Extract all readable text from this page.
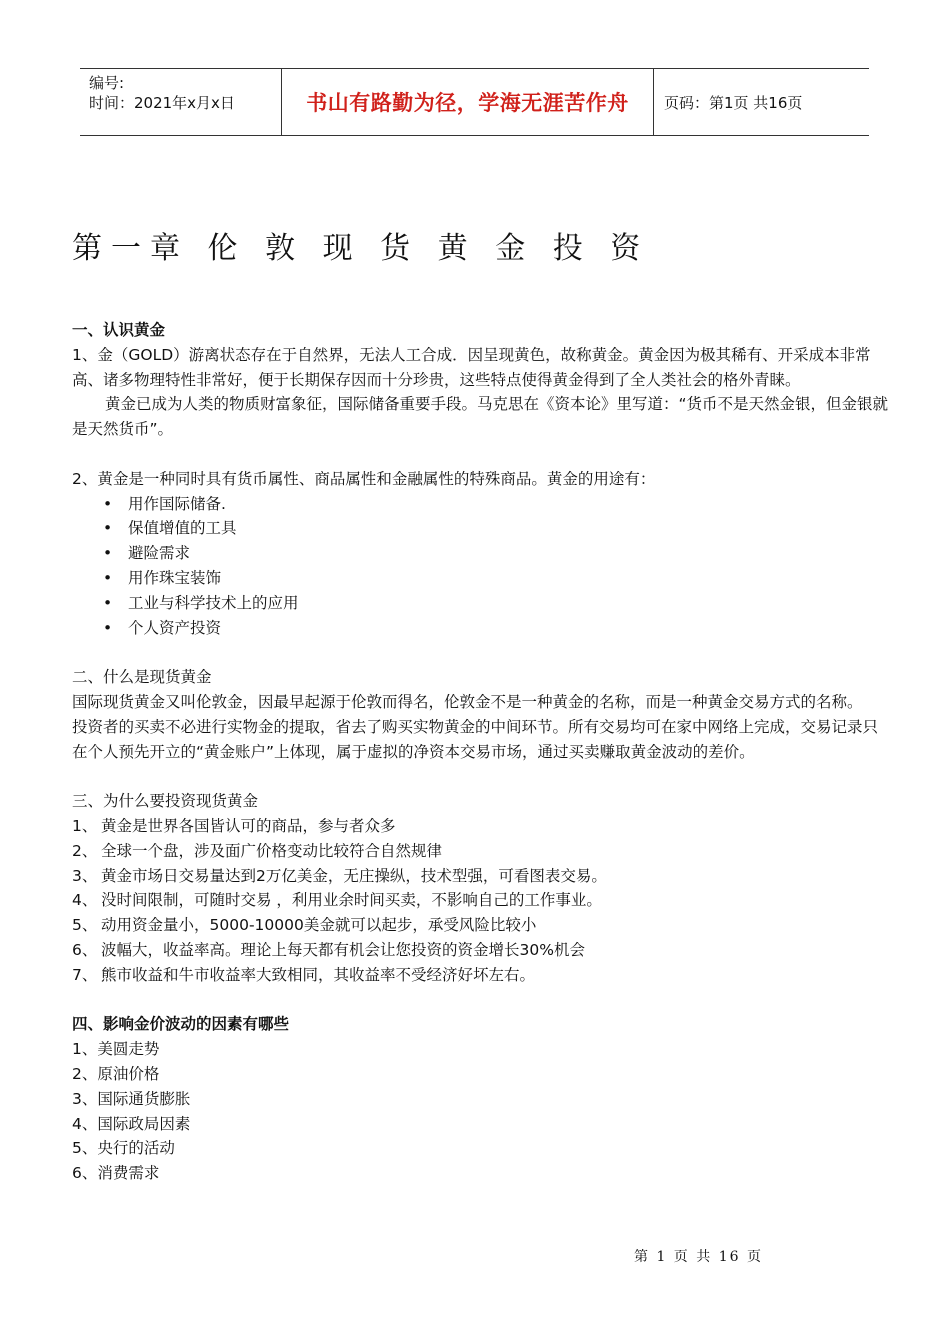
编号:
时间：2021年x月x日	书山有路勤为径，学海无涯苦作舟	页码：第1页 共16页
第一章 伦 敦 现 货 黄 金 投 资

一、认识黄金

1、金（GOLD）游离状态存在于自然界，无法人工合成．因呈现黄色，故称黄金。黄金因为极其稀有、开采成本非常高、诸多物理特性非常好，便于长期保存因而十分珍贵，这些特点使得黄金得到了全人类社会的格外青睐。

黄金已成为人类的物质财富象征，国际储备重要手段。马克思在《资本论》里写道：“货币不是天然金银，但金银就是天然货币”。

2、黄金是一种同时具有货币属性、商品属性和金融属性的特殊商品。黄金的用途有：

• 用作国际储备.
• 保值增值的工具
• 避险需求
• 用作珠宝装饰
• 工业与科学技术上的应用
• 个人资产投资

二、什么是现货黄金

国际现货黄金又叫伦敦金，因最早起源于伦敦而得名，伦敦金不是一种黄金的名称，而是一种黄金交易方式的名称。

投资者的买卖不必进行实物金的提取，省去了购买实物黄金的中间环节。所有交易均可在家中网络上完成，交易记录只在个人预先开立的“黄金账户”上体现，属于虚拟的净资本交易市场，通过买卖赚取黄金波动的差价。

三、为什么要投资现货黄金

1、 黄金是世界各国皆认可的商品，参与者众多

2、 全球一个盘，涉及面广价格变动比较符合自然规律

3、 黄金市场日交易量达到2万亿美金，无庄操纵，技术型强，可看图表交易。

4、 没时间限制，可随时交易 ，利用业余时间买卖，不影响自己的工作事业。

5、 动用资金量小，5000-10000美金就可以起步，承受风险比较小

6、 波幅大，收益率高。理论上每天都有机会让您投资的资金增长30%机会

7、 熊市收益和牛市收益率大致相同，其收益率不受经济好坏左右。

四、影响金价波动的因素有哪些

1、美圆走势

2、原油价格

3、国际通货膨胀

4、国际政局因素

5、央行的活动

6、消费需求

第 1 页 共 16 页
